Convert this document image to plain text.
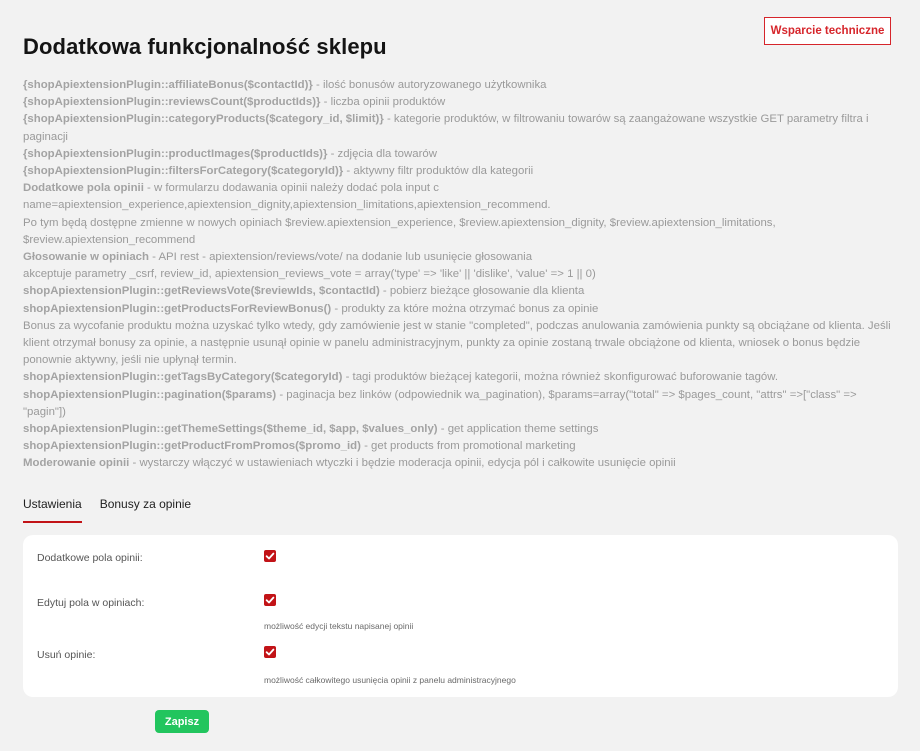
Wsparcie techniczne
Dodatkowa funkcjonalność sklepu
{shopApiextensionPlugin::affiliateBonus($contactId)} - ilość bonusów autoryzowanego użytkownika
{shopApiextensionPlugin::reviewsCount($productIds)} - liczba opinii produktów
{shopApiextensionPlugin::categoryProducts($category_id, $limit)} - kategorie produktów, w filtrowaniu towarów są zaangażowane wszystkie GET parametry filtra i
paginacji
{shopApiextensionPlugin::productImages($productIds)} - zdjęcia dla towarów
{shopApiextensionPlugin::filtersForCategory($categoryId)} - aktywny filtr produktów dla kategorii
Dodatkowe pola opinii - w formularzu dodawania opinii należy dodać pola input с
name=apiextension_experience,apiextension_dignity,apiextension_limitations,apiextension_recommend.
Po tym będą dostępne zmienne w nowych opiniach $review.apiextension_experience, $review.apiextension_dignity, $review.apiextension_limitations,
$review.apiextension_recommend
Głosowanie w opiniach - API rest - apiextension/reviews/vote/ na dodanie lub usunięcie głosowania
akceptuje parametry _csrf, review_id, apiextension_reviews_vote = array('type' => 'like' || 'dislike', 'value' => 1 || 0)
shopApiextensionPlugin::getReviewsVote($reviewIds, $contactId) - pobierz bieżące głosowanie dla klienta
shopApiextensionPlugin::getProductsForReviewBonus() - produkty za które można otrzymać bonus za opinie
Bonus za wycofanie produktu można uzyskać tylko wtedy, gdy zamówienie jest w stanie "completed", podczas anulowania zamówienia punkty są obciążane od klienta. Jeśli
klient otrzymał bonusy za opinie, a następnie usunął opinie w panelu administracyjnym, punkty za opinie zostaną trwale obciążone od klienta, wniosek o bonus będzie
ponownie aktywny, jeśli nie upłynął termin.
shopApiextensionPlugin::getTagsByCategory($categoryId) - tagi produktów bieżącej kategorii, można również skonfigurować buforowanie tagów.
shopApiextensionPlugin::pagination($params) - paginacja bez linków (odpowiednik wa_pagination), $params=array("total" => $pages_count, "attrs" =>["class" =>
"pagin"])
shopApiextensionPlugin::getThemeSettings($theme_id, $app, $values_only) - get application theme settings
shopApiextensionPlugin::getProductFromPromos($promo_id) - get products from promotional marketing
Moderowanie opinii - wystarczy włączyć w ustawieniach wtyczki i będzie moderacja opinii, edycja pól i całkowite usunięcie opinii
Ustawienia Bonusy za opinie
Dodatkowe pola opinii:
Edytuj pola w opiniach:
możliwość edycji tekstu napisanej opinii
Usuń opinie:
możliwość całkowitego usunięcia opinii z panelu administracyjnego
Zapisz
